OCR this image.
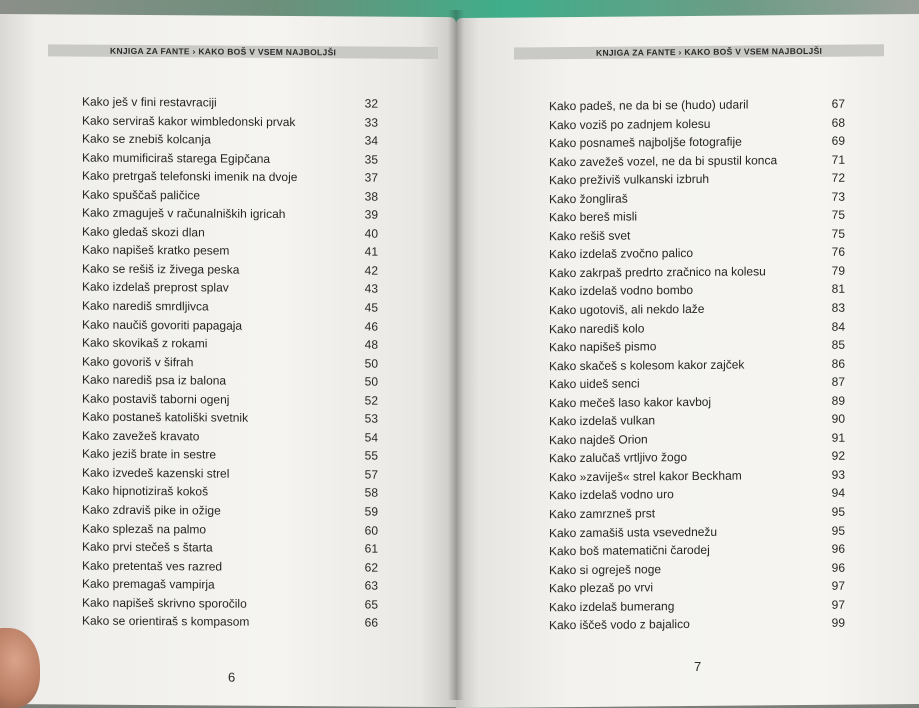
KNJIGA ZA FANTE › KAKO BOŠ V VSEM NAJBOLJŠI
Kako ješ v fini restavraciji	32
Kako serviraš kakor wimbledonski prvak	33
Kako se znebiš kolcanja	34
Kako mumificiraš starega Egipčana	35
Kako pretrgaš telefonski imenik na dvoje	37
Kako spuščaš paličice	38
Kako zmaguješ v računalniških igricah	39
Kako gledaš skozi dlan	40
Kako napišeš kratko pesem	41
Kako se rešiš iz živega peska	42
Kako izdelaš preprost splav	43
Kako narediš smrdljivca	45
Kako naučiš govoriti papagaja	46
Kako skovikaš z rokami	48
Kako govoriš v šifrah	50
Kako narediš psa iz balona	50
Kako postaviš taborni ogenj	52
Kako postaneš katoliški svetnik	53
Kako zavežeš kravato	54
Kako jeziš brate in sestre	55
Kako izvedeš kazenski strel	57
Kako hipnotiziraš kokoš	58
Kako zdraviš pike in ožige	59
Kako splezaš na palmo	60
Kako prvi stečeš s štarta	61
Kako pretentaš ves razred	62
Kako premagaš vampirja	63
Kako napišeš skrivno sporočilo	65
Kako se orientiraš s kompasom	66
6
KNJIGA ZA FANTE › KAKO BOŠ V VSEM NAJBOLJŠI
Kako padeš, ne da bi se (hudo) udaril	67
Kako voziš po zadnjem kolesu	68
Kako posnameš najboljše fotografije	69
Kako zavežeš vozel, ne da bi spustil konca	71
Kako preživiš vulkanski izbruh	72
Kako žongliraš	73
Kako bereš misli	75
Kako rešiš svet	75
Kako izdelaš zvočno palico	76
Kako zakrpaš predrto zračnico na kolesu	79
Kako izdelaš vodno bombo	81
Kako ugotoviš, ali nekdo laže	83
Kako narediš kolo	84
Kako napišeš pismo	85
Kako skačeš s kolesom kakor zajček	86
Kako uideš senci	87
Kako mečeš laso kakor kavboj	89
Kako izdelaš vulkan	90
Kako najdeš Orion	91
Kako zalučaš vrtljivo žogo	92
Kako »zaviješ« strel kakor Beckham	93
Kako izdelaš vodno uro	94
Kako zamrzneš prst	95
Kako zamašiš usta vsevednežu	95
Kako boš matematični čarodej	96
Kako si ogreješ noge	96
Kako plezaš po vrvi	97
Kako izdelaš bumerang	97
Kako iščeš vodo z bajalico	99
7
